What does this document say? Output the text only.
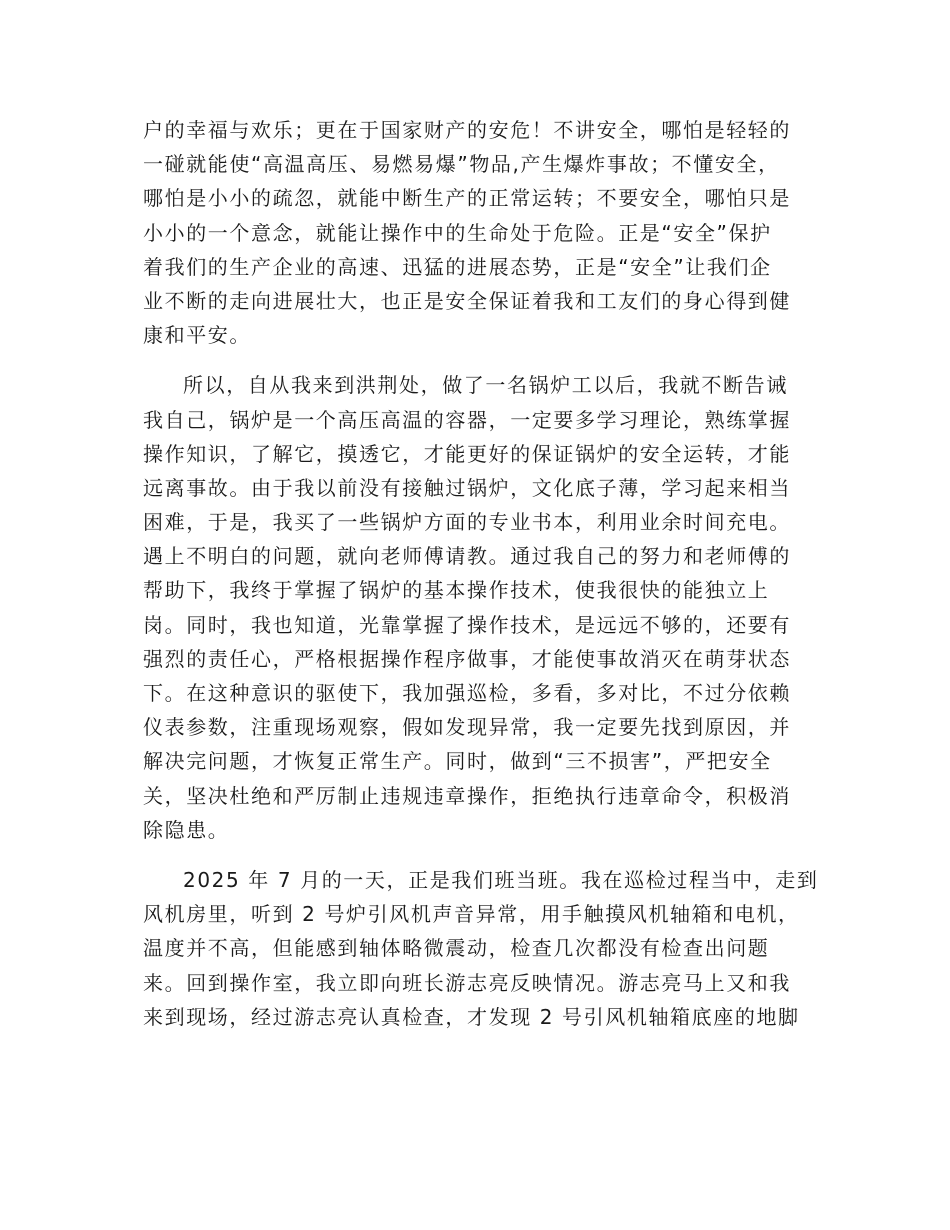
户的幸福与欢乐；更在于国家财产的安危！不讲安全，哪怕是轻轻的
一碰就能使“高温高压、易燃易爆”物品,产生爆炸事故；不懂安全，
哪怕是小小的疏忽，就能中断生产的正常运转；不要安全，哪怕只是
小小的一个意念，就能让操作中的生命处于危险。正是“安全”保护
着我们的生产企业的高速、迅猛的进展态势，正是“安全”让我们企
业不断的走向进展壮大，也正是安全保证着我和工友们的身心得到健
康和平安。
所以，自从我来到洪荆处，做了一名锅炉工以后，我就不断告诫
我自己，锅炉是一个高压高温的容器，一定要多学习理论，熟练掌握
操作知识，了解它，摸透它，才能更好的保证锅炉的安全运转，才能
远离事故。由于我以前没有接触过锅炉，文化底子薄，学习起来相当
困难，于是，我买了一些锅炉方面的专业书本，利用业余时间充电。
遇上不明白的问题，就向老师傅请教。通过我自己的努力和老师傅的
帮助下，我终于掌握了锅炉的基本操作技术，使我很快的能独立上
岗。同时，我也知道，光靠掌握了操作技术，是远远不够的，还要有
强烈的责任心，严格根据操作程序做事，才能使事故消灭在萌芽状态
下。在这种意识的驱使下，我加强巡检，多看，多对比，不过分依赖
仪表参数，注重现场观察，假如发现异常，我一定要先找到原因，并
解决完问题，才恢复正常生产。同时，做到“三不损害”，严把安全
关，坚决杜绝和严厉制止违规违章操作，拒绝执行违章命令，积极消
除隐患。
2025 年 7 月的一天，正是我们班当班。我在巡检过程当中，走到
风机房里，听到 2 号炉引风机声音异常，用手触摸风机轴箱和电机，
温度并不高，但能感到轴体略微震动，检查几次都没有检查出问题
来。回到操作室，我立即向班长游志亮反映情况。游志亮马上又和我
来到现场，经过游志亮认真检查，才发现 2 号引风机轴箱底座的地脚
